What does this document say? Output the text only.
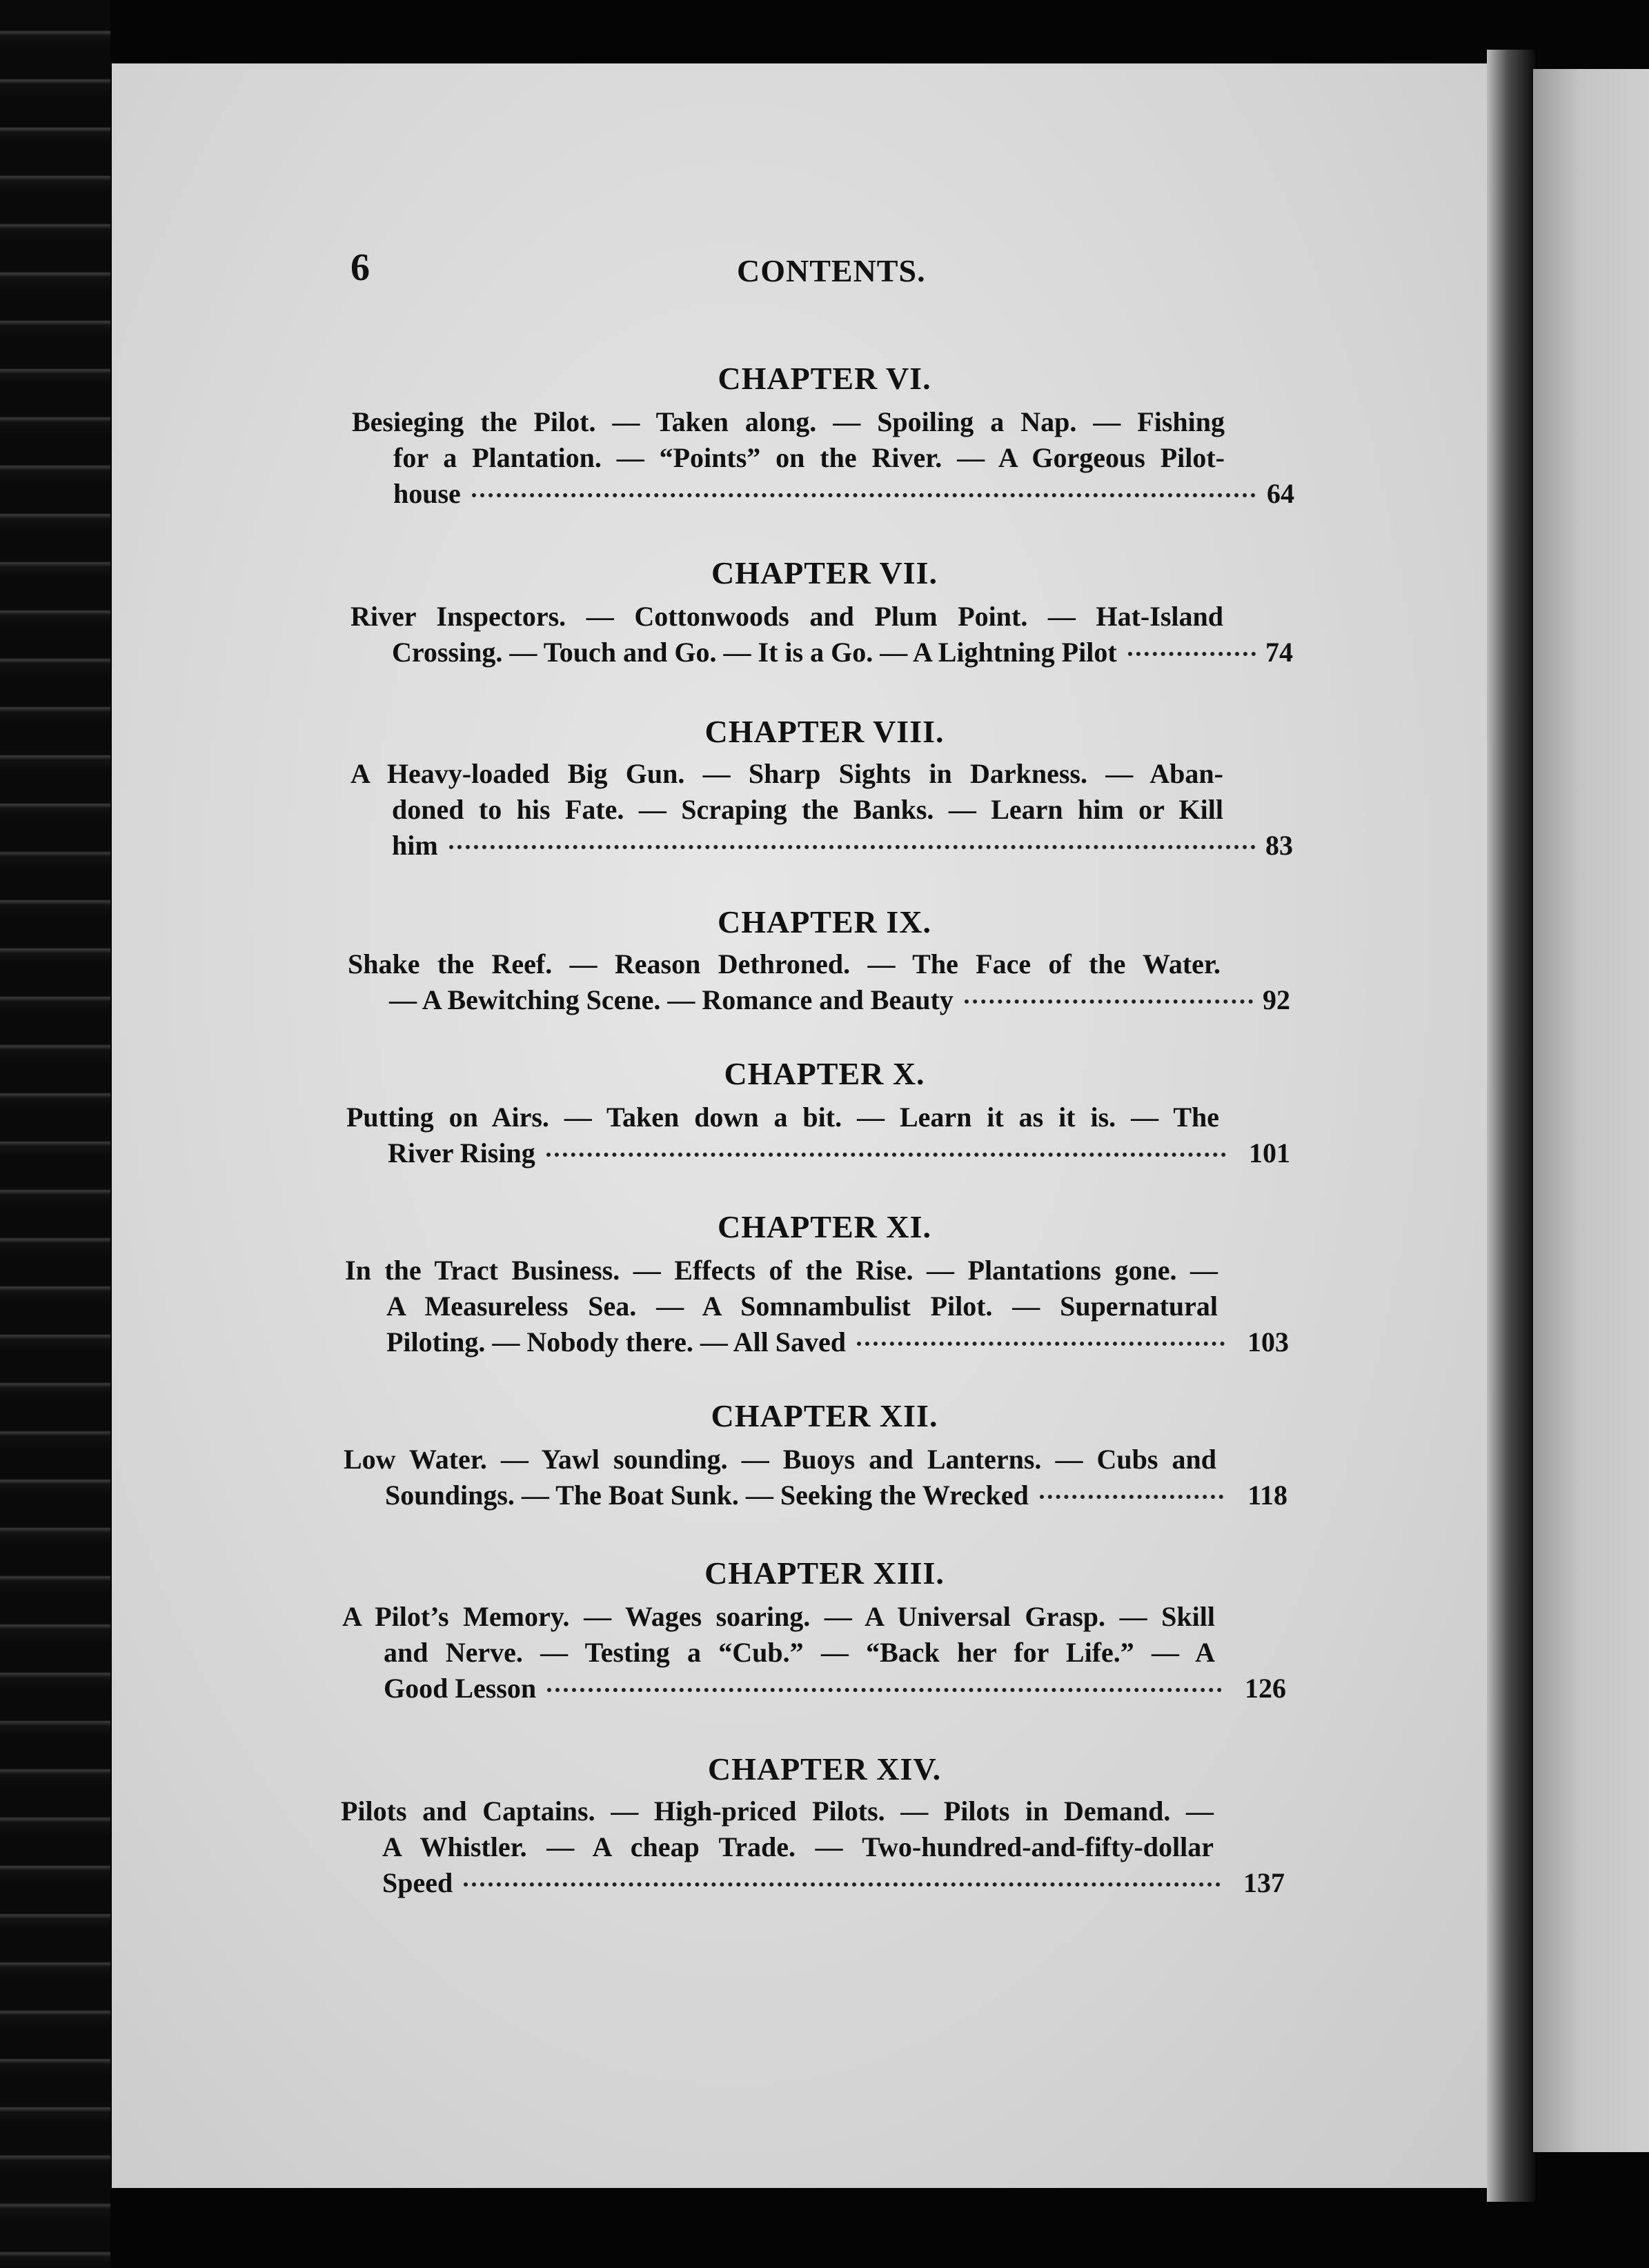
6	CONTENTS.
CHAPTER VI.
Besieging the Pilot. — Taken along. — Spoiling a Nap. — Fishing
for a Plantation. — “Points” on the River. — A Gorgeous Pilot-
house	64
CHAPTER VII.
River Inspectors. — Cottonwoods and Plum Point. — Hat-Island
Crossing. — Touch and Go. — It is a Go. — A Lightning Pilot	74
CHAPTER VIII.
A Heavy-loaded Big Gun. — Sharp Sights in Darkness. — Aban-
doned to his Fate. — Scraping the Banks. — Learn him or Kill
him	83
CHAPTER IX.
Shake the Reef. — Reason Dethroned. — The Face of the Water.
— A Bewitching Scene. — Romance and Beauty	92
CHAPTER X.
Putting on Airs. — Taken down a bit. — Learn it as it is. — The
River Rising	101
CHAPTER XI.
In the Tract Business. — Effects of the Rise. — Plantations gone. —
A Measureless Sea. — A Somnambulist Pilot. — Supernatural
Piloting. — Nobody there. — All Saved	103
CHAPTER XII.
Low Water. — Yawl sounding. — Buoys and Lanterns. — Cubs and
Soundings. — The Boat Sunk. — Seeking the Wrecked	118
CHAPTER XIII.
A Pilot’s Memory. — Wages soaring. — A Universal Grasp. — Skill
and Nerve. — Testing a “Cub.” — “Back her for Life.” — A
Good Lesson	126
CHAPTER XIV.
Pilots and Captains. — High-priced Pilots. — Pilots in Demand. —
A Whistler. — A cheap Trade. — Two-hundred-and-fifty-dollar
Speed	137
